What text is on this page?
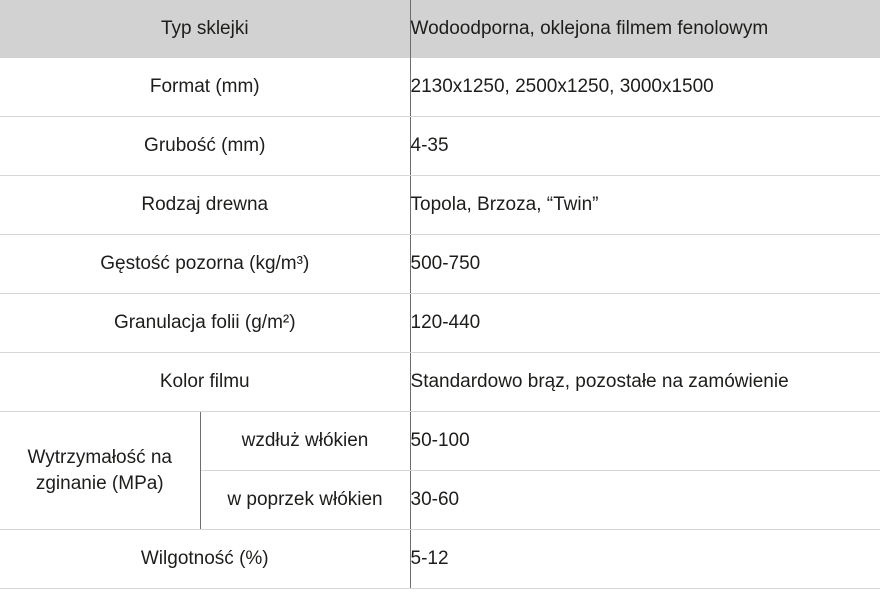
Typ sklejki		Wodoodporna, oklejona filmem fenolowym
Format (mm)		2130x1250, 2500x1250, 3000x1500
Grubość (mm)		4-35
Rodzaj drewna		Topola, Brzoza, “Twin”
Gęstość pozorna (kg/m³)		500-750
Granulacja folii (g/m²)		120-440
Kolor filmu		Standardowo brąz, pozostałe na zamówienie
Wytrzymałość na zginanie (MPa)	wzdłuż włókien	50-100
	w poprzek włókien	30-60
Wilgotność (%)		5-12
